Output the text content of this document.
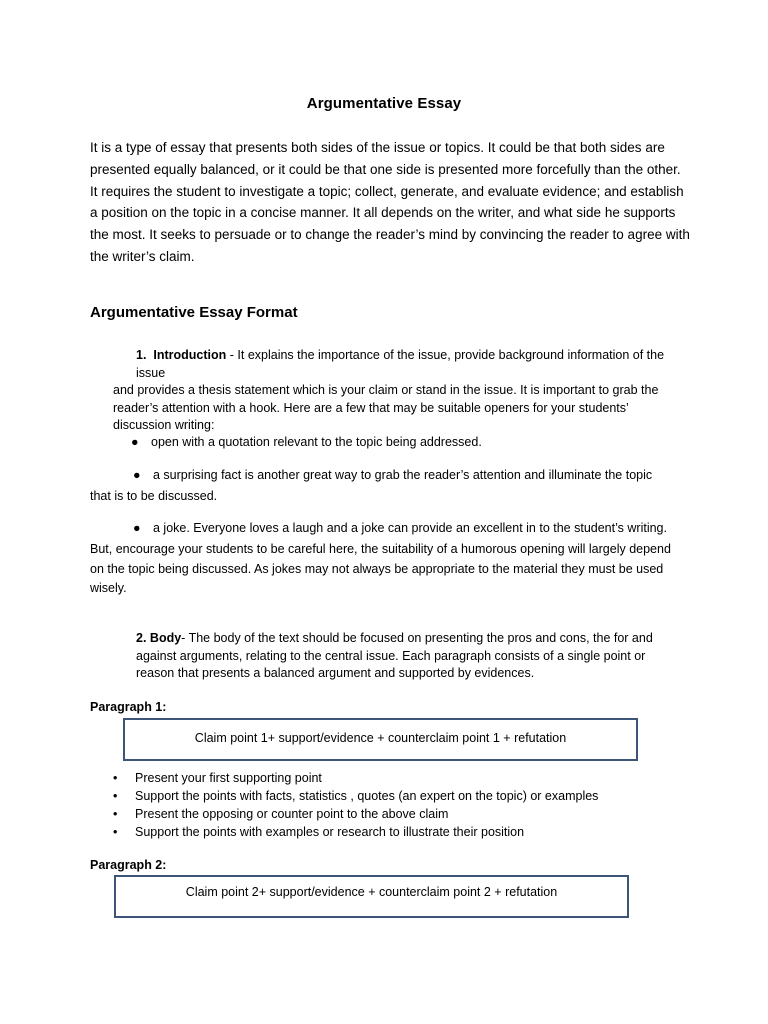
Argumentative Essay

It is a type of essay that presents both sides of the issue or topics. It could be that both sides are presented equally balanced, or it could be that one side is presented more forcefully than the other. It requires the student to investigate a topic; collect, generate, and evaluate evidence; and establish a position on the topic in a concise manner. It all depends on the writer, and what side he supports the most. It seeks to persuade or to change the reader’s mind by convincing the reader to agree with the writer’s claim.

Argumentative Essay Format

1. Introduction - It explains the importance of the issue, provide background information of the issue

and provides a thesis statement which is your claim or stand in the issue. It is important to grab the reader’s attention with a hook. Here are a few that may be suitable openers for your students’ discussion writing:

● open with a quotation relevant to the topic being addressed.

● a surprising fact is another great way to grab the reader’s attention and illuminate the topic

that is to be discussed.

● a joke. Everyone loves a laugh and a joke can provide an excellent in to the student’s writing.

But, encourage your students to be careful here, the suitability of a humorous opening will largely depend on the topic being discussed. As jokes may not always be appropriate to the material they must be used wisely.

2. Body- The body of the text should be focused on presenting the pros and cons, the for and against arguments, relating to the central issue. Each paragraph consists of a single point or reason that presents a balanced argument and supported by evidences.

Paragraph 1:
Claim point 1+ support/evidence + counterclaim point 1 + refutation
• Present your first supporting point
• Support the points with facts, statistics , quotes (an expert on the topic) or examples
• Present the opposing or counter point to the above claim
• Support the points with examples or research to illustrate their position
Paragraph 2:
Claim point 2+ support/evidence + counterclaim point 2 + refutation
